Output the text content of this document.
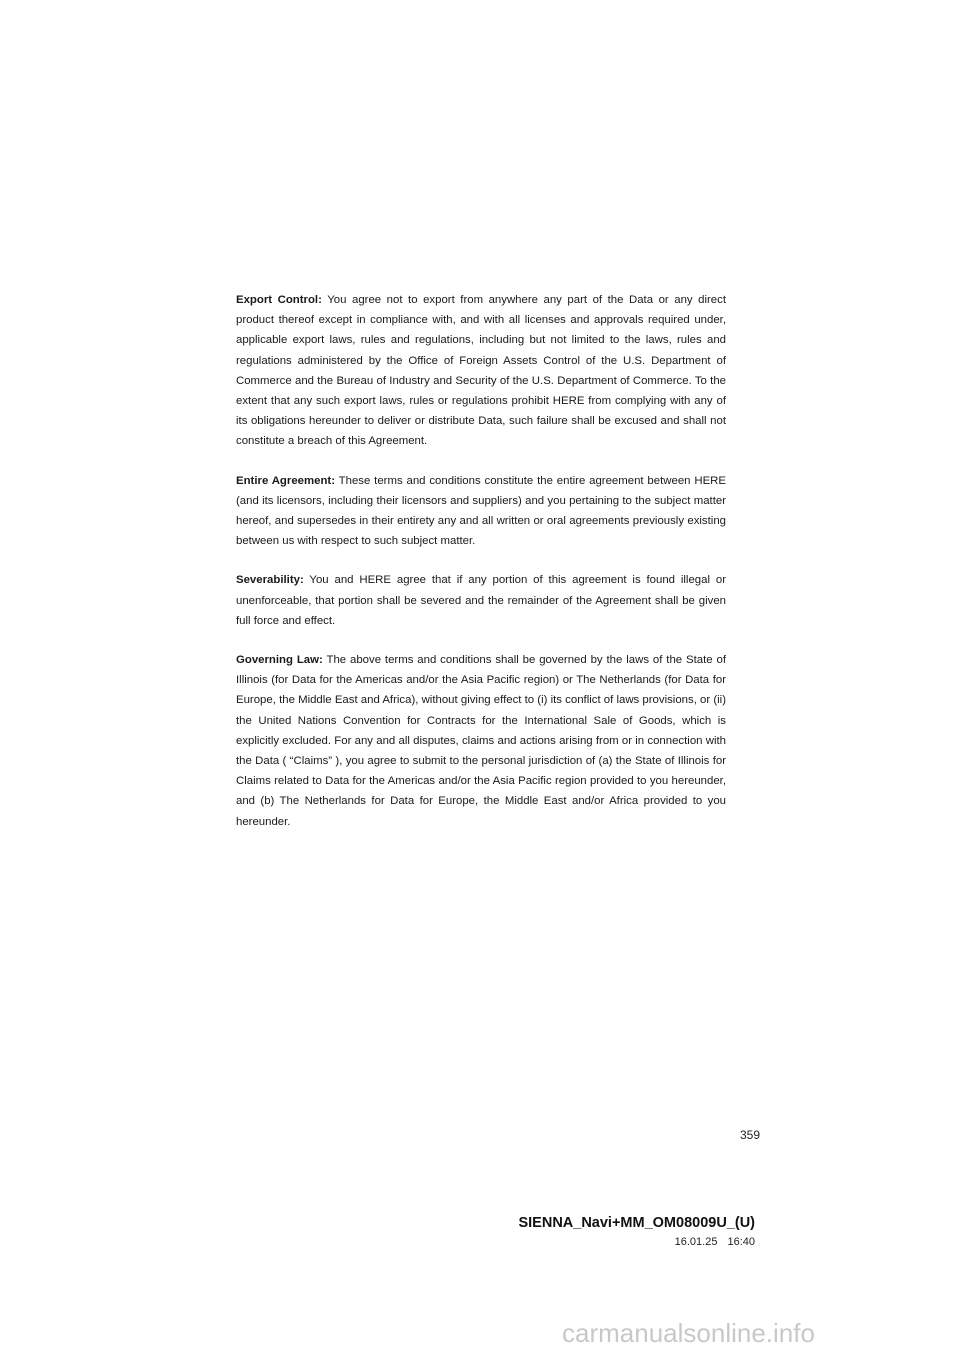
Export Control: You agree not to export from anywhere any part of the Data or any direct product thereof except in compliance with, and with all licenses and approvals required under, applicable export laws, rules and regulations, including but not limited to the laws, rules and regulations administered by the Office of Foreign Assets Control of the U.S. Department of Commerce and the Bureau of Industry and Security of the U.S. Department of Commerce. To the extent that any such export laws, rules or regulations prohibit HERE from complying with any of its obligations hereunder to deliver or distribute Data, such failure shall be excused and shall not constitute a breach of this Agreement.

Entire Agreement: These terms and conditions constitute the entire agreement between HERE (and its licensors, including their licensors and suppliers) and you pertaining to the subject matter hereof, and supersedes in their entirety any and all written or oral agreements previously existing between us with respect to such subject matter.

Severability: You and HERE agree that if any portion of this agreement is found illegal or unenforceable, that portion shall be severed and the remainder of the Agreement shall be given full force and effect.

Governing Law: The above terms and conditions shall be governed by the laws of the State of Illinois (for Data for the Americas and/or the Asia Pacific region) or The Netherlands (for Data for Europe, the Middle East and Africa), without giving effect to (i) its conflict of laws provisions, or (ii) the United Nations Convention for Contracts for the International Sale of Goods, which is explicitly excluded. For any and all disputes, claims and actions arising from or in connection with the Data ( “Claims” ), you agree to submit to the personal jurisdiction of (a) the State of Illinois for Claims related to Data for the Americas and/or the Asia Pacific region provided to you hereunder, and (b) The Netherlands for Data for Europe, the Middle East and/or Africa provided to you hereunder.

359
SIENNA_Navi+MM_OM08009U_(U)
16.01.25 16:40
carmanualsonline.info
